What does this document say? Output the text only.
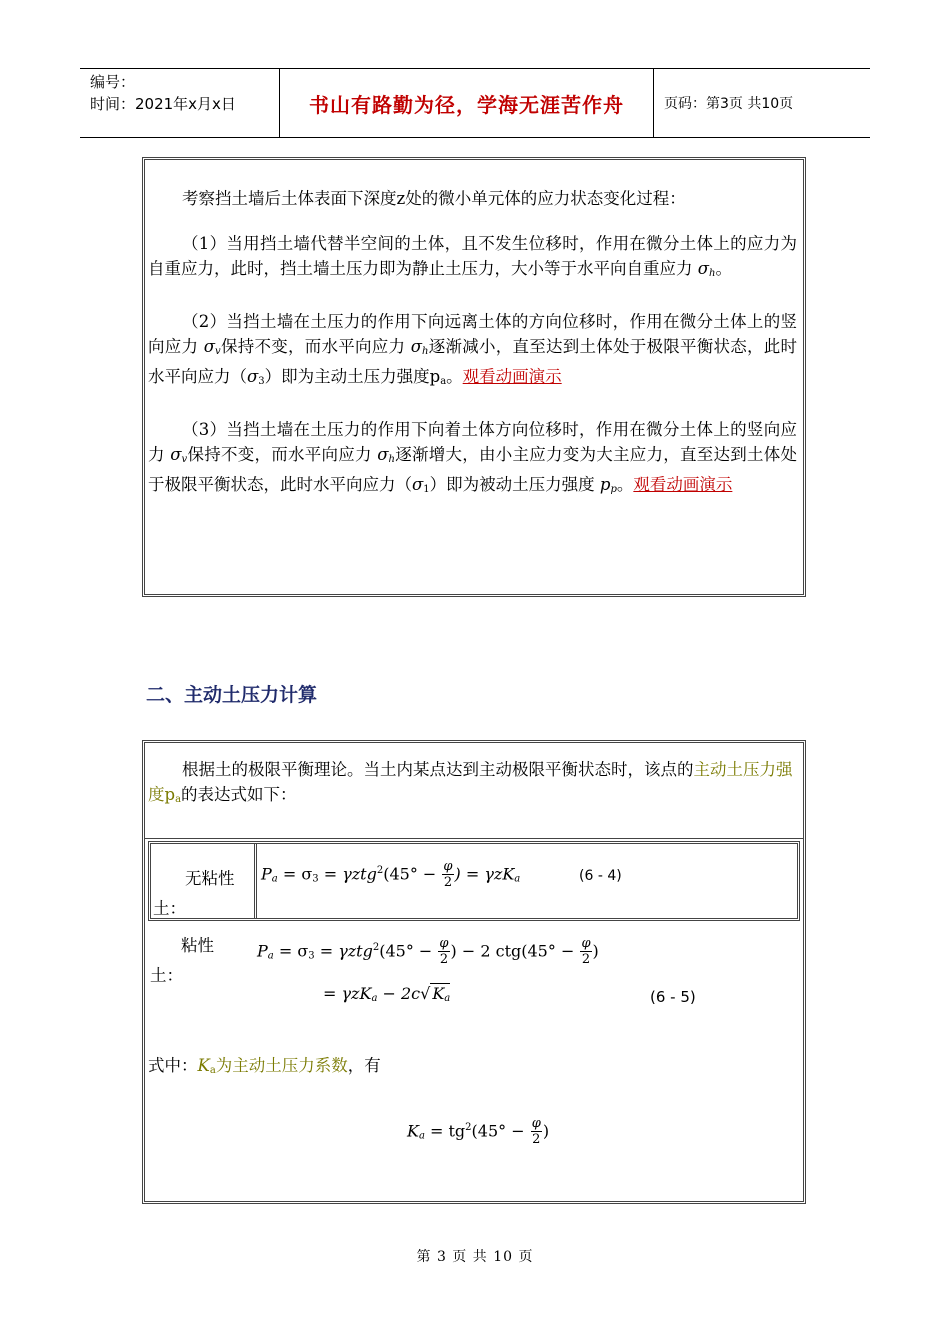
编号：
时间：2021年x月x日	书山有路勤为径，学海无涯苦作舟	页码：第3页 共10页

考察挡土墙后土体表面下深度z处的微小单元体的应力状态变化过程：

（1）当用挡土墙代替半空间的土体，且不发生位移时，作用在微分土体上的应力为自重应力，此时，挡土墙土压力即为静止土压力，大小等于水平向自重应力 $\sigma_h$。

（2）当挡土墙在土压力的作用下向远离土体的方向位移时，作用在微分土体上的竖向应力 $\sigma_v$保持不变，而水平向应力 $\sigma_h$逐渐减小，直至达到土体处于极限平衡状态，此时水平向应力$(\sigma_3)$即为主动土压力强度$p_a$。观看动画演示

（3）当挡土墙在土压力的作用下向着土体方向位移时，作用在微分土体上的竖向应力 $\sigma_v$保持不变，而水平向应力 $\sigma_h$逐渐增大，由小主应力变为大主应力，直至达到土体处于极限平衡状态，此时水平向应力$(\sigma_1)$即为被动土压力强度 $p_p$。观看动画演示

二、主动土压力计算
根据土的极限平衡理论。当土内某点达到主动极限平衡状态时，该点的主动土压力强度$p_a$的表达式如下：
无粘性
土：
$P_a = \sigma_3 = \gamma ztg^2(45^\circ - \frac{\varphi}{2}$ ) = γzK$_a$	(6 - 4)
粘性
土：
$P_a = \sigma_3 = \gamma ztg^2(45^\circ - \frac{\varphi}{2}$ ) − 2 $ctg(45^\circ - \frac{\varphi}{2}$ )
= γzK$_a$ − 2c√ $K_a$	(6 - 5)
式中：$K_a$为主动土压力系数，有
$K_a = tg^2(45^\circ - \frac{\varphi}{2}$ )
第 3 页 共 10 页
